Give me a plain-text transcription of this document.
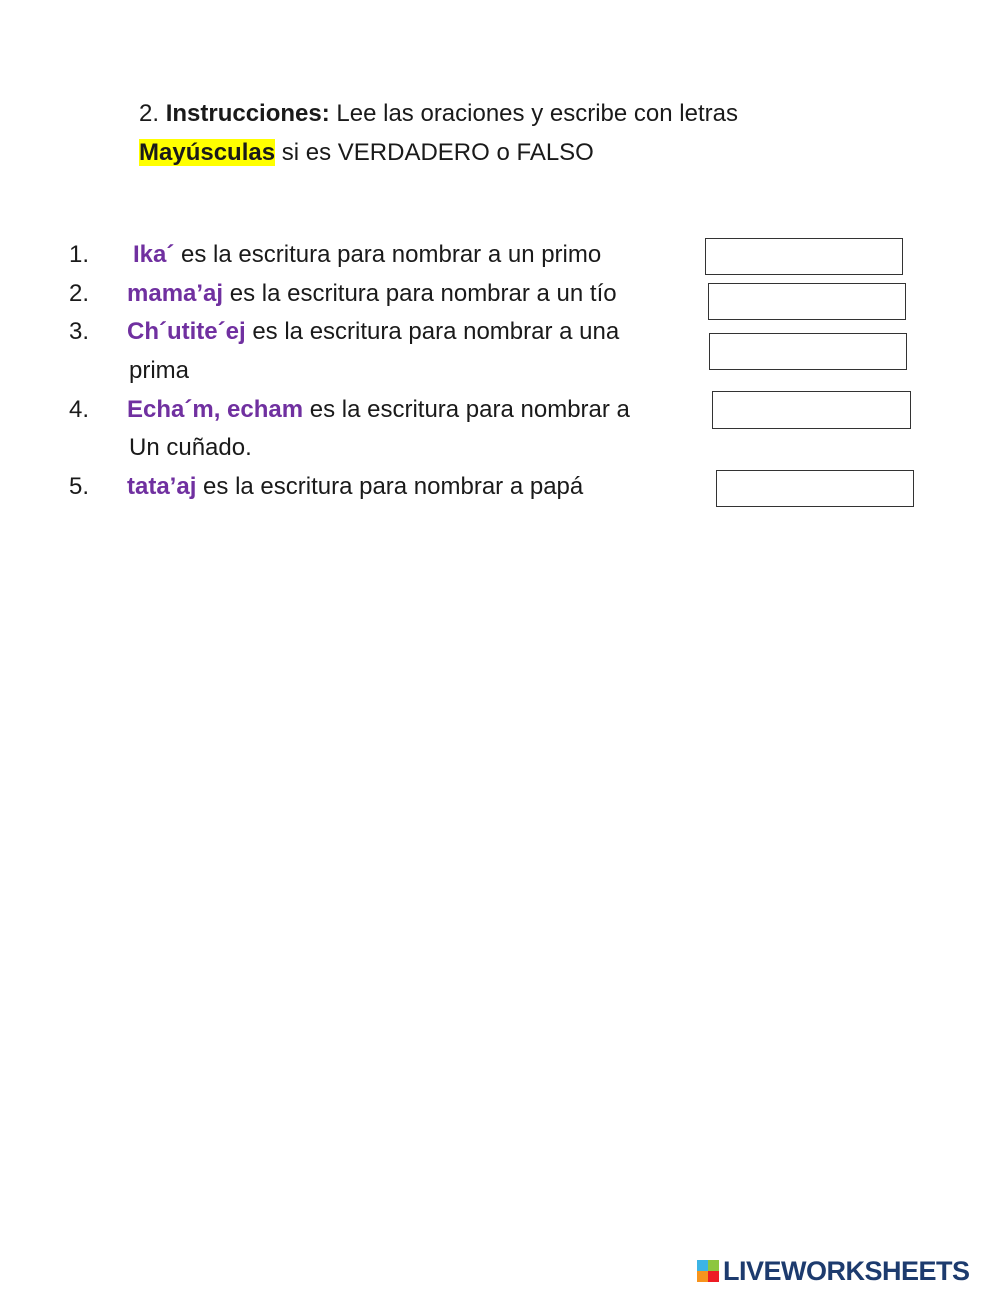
2. Instrucciones: Lee las oraciones y escribe con letras
Mayúsculas si es VERDADERO o FALSO
1. Ika´ es la escritura para nombrar a un primo
2. mama’aj es la escritura para nombrar a un tío
3. Ch´utite´ej es la escritura para nombrar a una
prima
4. Echa´m, echam es la escritura para nombrar a
Un cuñado.
5. tata’aj es la escritura para nombrar a papá
LIVEWORKSHEETS
